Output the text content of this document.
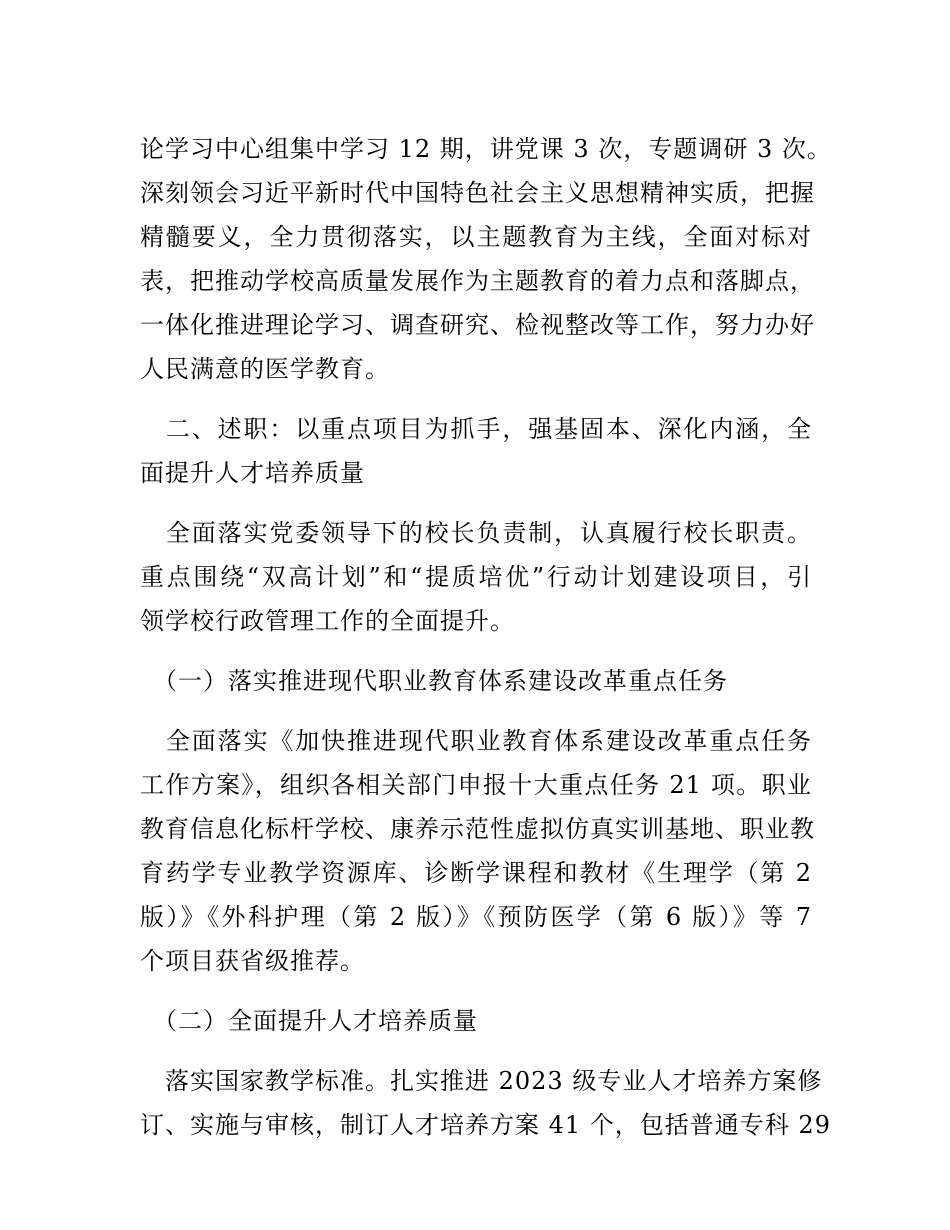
论学习中心组集中学习 12 期，讲党课 3 次，专题调研 3 次。
深刻领会习近平新时代中国特色社会主义思想精神实质，把握
精髓要义，全力贯彻落实，以主题教育为主线，全面对标对
表，把推动学校高质量发展作为主题教育的着力点和落脚点，
一体化推进理论学习、调查研究、检视整改等工作，努力办好
人民满意的医学教育。
　二、述职：以重点项目为抓手，强基固本、深化内涵，全
面提升人才培养质量
　全面落实党委领导下的校长负责制，认真履行校长职责。
重点围绕“双高计划”和“提质培优”行动计划建设项目，引
领学校行政管理工作的全面提升。
　（一）落实推进现代职业教育体系建设改革重点任务
　全面落实《加快推进现代职业教育体系建设改革重点任务
工作方案》，组织各相关部门申报十大重点任务 21 项。职业
教育信息化标杆学校、康养示范性虚拟仿真实训基地、职业教
育药学专业教学资源库、诊断学课程和教材《生理学（第 2
版）》《外科护理（第 2 版）》《预防医学（第 6 版）》等 7
个项目获省级推荐。
　（二）全面提升人才培养质量
　落实国家教学标准。扎实推进 2023 级专业人才培养方案修
订、实施与审核，制订人才培养方案 41 个，包括普通专科 29
